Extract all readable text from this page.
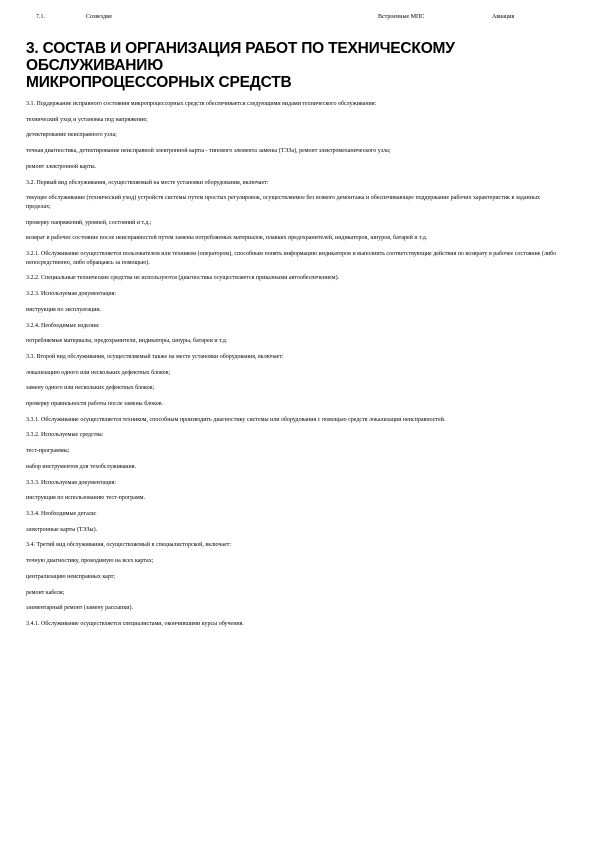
7.1.	Созвездие	Встроенные МПС	Авиация
3. СОСТАВ И ОРГАНИЗАЦИЯ РАБОТ ПО ТЕХНИЧЕСКОМУ
ОБСЛУЖИВАНИЮ
МИКРОПРОЦЕССОРНЫХ СРЕДСТВ

3.1. Поддержание исправного состояния микропроцессорных средств обеспечивается следующими видами технического обслуживания:

технический уход и установка под напряжение;

детектирование неисправного узла;

точная диагностика, детектирование неисправной электронной карты - типового элемента замены (ТЭЗа), ремонт электромеханического узла;

ремонт электронной карты.

3.2. Первый вид обслуживания, осуществляемый на месте установки оборудования, включает:

текущее обслуживание (технический уход) устройств системы путем простых регулировок, осуществляемое без всякого демонтажа и обеспечивающее поддержание рабочих характеристик в заданных пределах;

проверку напряжений, уровней, состояний и т.д.;

возврат в рабочее состояние после неисправностей путем замены потребляемых материалов, плавких предохранителей, индикаторов, шнуров, батарей и т.д.

3.2.1. Обслуживание осуществляется пользователем или техником (оператором), способным понять информацию индикаторов и выполнить соответствующие действия по возврату в рабочее состояние (либо непосредственно, либо обращаясь за помощью).

3.2.2. Специальные технические средства не используются (диагностика осуществляется приказными автообеспечением).

3.2.3. Используемая документация:

инструкция по эксплуатации.

3.2.4. Необходимые изделия:

потребляемые материалы, предохранители, индикаторы, шнуры, батареи и т.д.

3.3. Второй вид обслуживания, осуществляемый также на месте установки оборудования, включает:

локализацию одного или нескольких дефектных блоков;

замену одного или нескольких дефектных блоков;

проверку правильности работы после замены блоков.

3.3.1. Обслуживание осуществляется техником, способным производить диагностику системы или оборудования с помощью средств локализации неисправностей.

3.3.2. Используемые средства:

тест-программы;

набор инструментов для техобслуживания.

3.3.3. Используемая документация:

инструкция по использованию тест-программ.

3.3.4. Необходимые детали:

электронные карты (ТЭЗы).

3.4. Третий вид обслуживания, осуществляемый в специалисторской, включает:

точную диагностику, проводимую на всех картах;

централизацию неисправных карт;

ремонт кабеля;

элементарный ремонт (замену рассыпки).

3.4.1. Обслуживание осуществляется специалистами, окончившими курсы обучения.
